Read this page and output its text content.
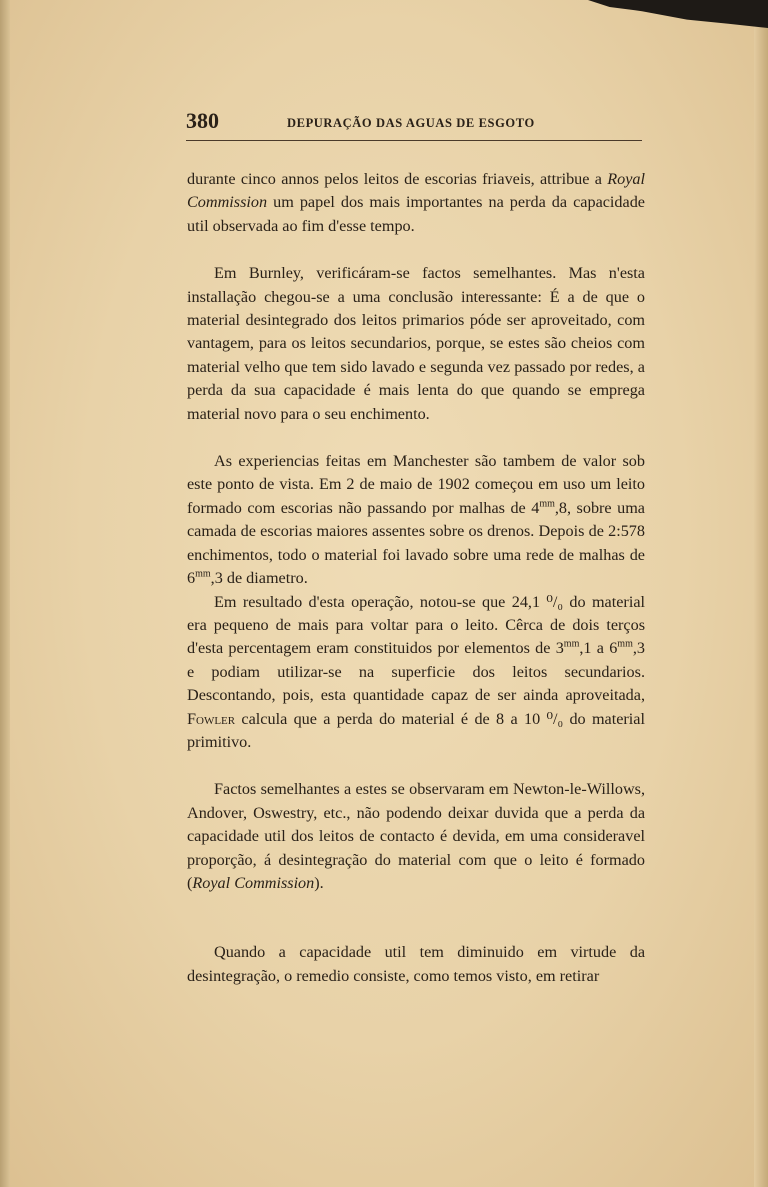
380	DEPURAÇÃO DAS AGUAS DE ESGOTO

durante cinco annos pelos leitos de escorias friaveis, attribue a Royal Commission um papel dos mais importantes na perda da capacidade util observada ao fim d'esse tempo.

Em Burnley, verificáram-se factos semelhantes. Mas n'esta installação chegou-se a uma conclusão interessante: É a de que o material desintegrado dos leitos primarios póde ser aproveitado, com vantagem, para os leitos secundarios, porque, se estes são cheios com material velho que tem sido lavado e segunda vez passado por redes, a perda da sua capacidade é mais lenta do que quando se emprega material novo para o seu enchimento.

As experiencias feitas em Manchester são tambem de valor sob este ponto de vista. Em 2 de maio de 1902 começou em uso um leito formado com escorias não passando por malhas de $4^{mm},8$, sobre uma camada de escorias maiores assentes sobre os drenos. Depois de 2:578 enchimentos, todo o material foi lavado sobre uma rede de malhas de $6^{mm},3$ de diametro.

Em resultado d'esta operação, notou-se que 24,1 ⁰/₀ do material era pequeno de mais para voltar para o leito. Cêrca de dois terços d'esta percentagem eram constituidos por elementos de $3^{mm},1$ a $6^{mm},3$ e podiam utilizar-se na superficie dos leitos secundarios. Descontando, pois, esta quantidade capaz de ser ainda aproveitada, Fowler calcula que a perda do material é de 8 a 10 ⁰/₀ do material primitivo.

Factos semelhantes a estes se observaram em Newton-le-Willows, Andover, Oswestry, etc., não podendo deixar duvida que a perda da capacidade util dos leitos de contacto é devida, em uma consideravel proporção, á desintegração do material com que o leito é formado (Royal Commission).

Quando a capacidade util tem diminuido em virtude da desintegração, o remedio consiste, como temos visto, em retirar
